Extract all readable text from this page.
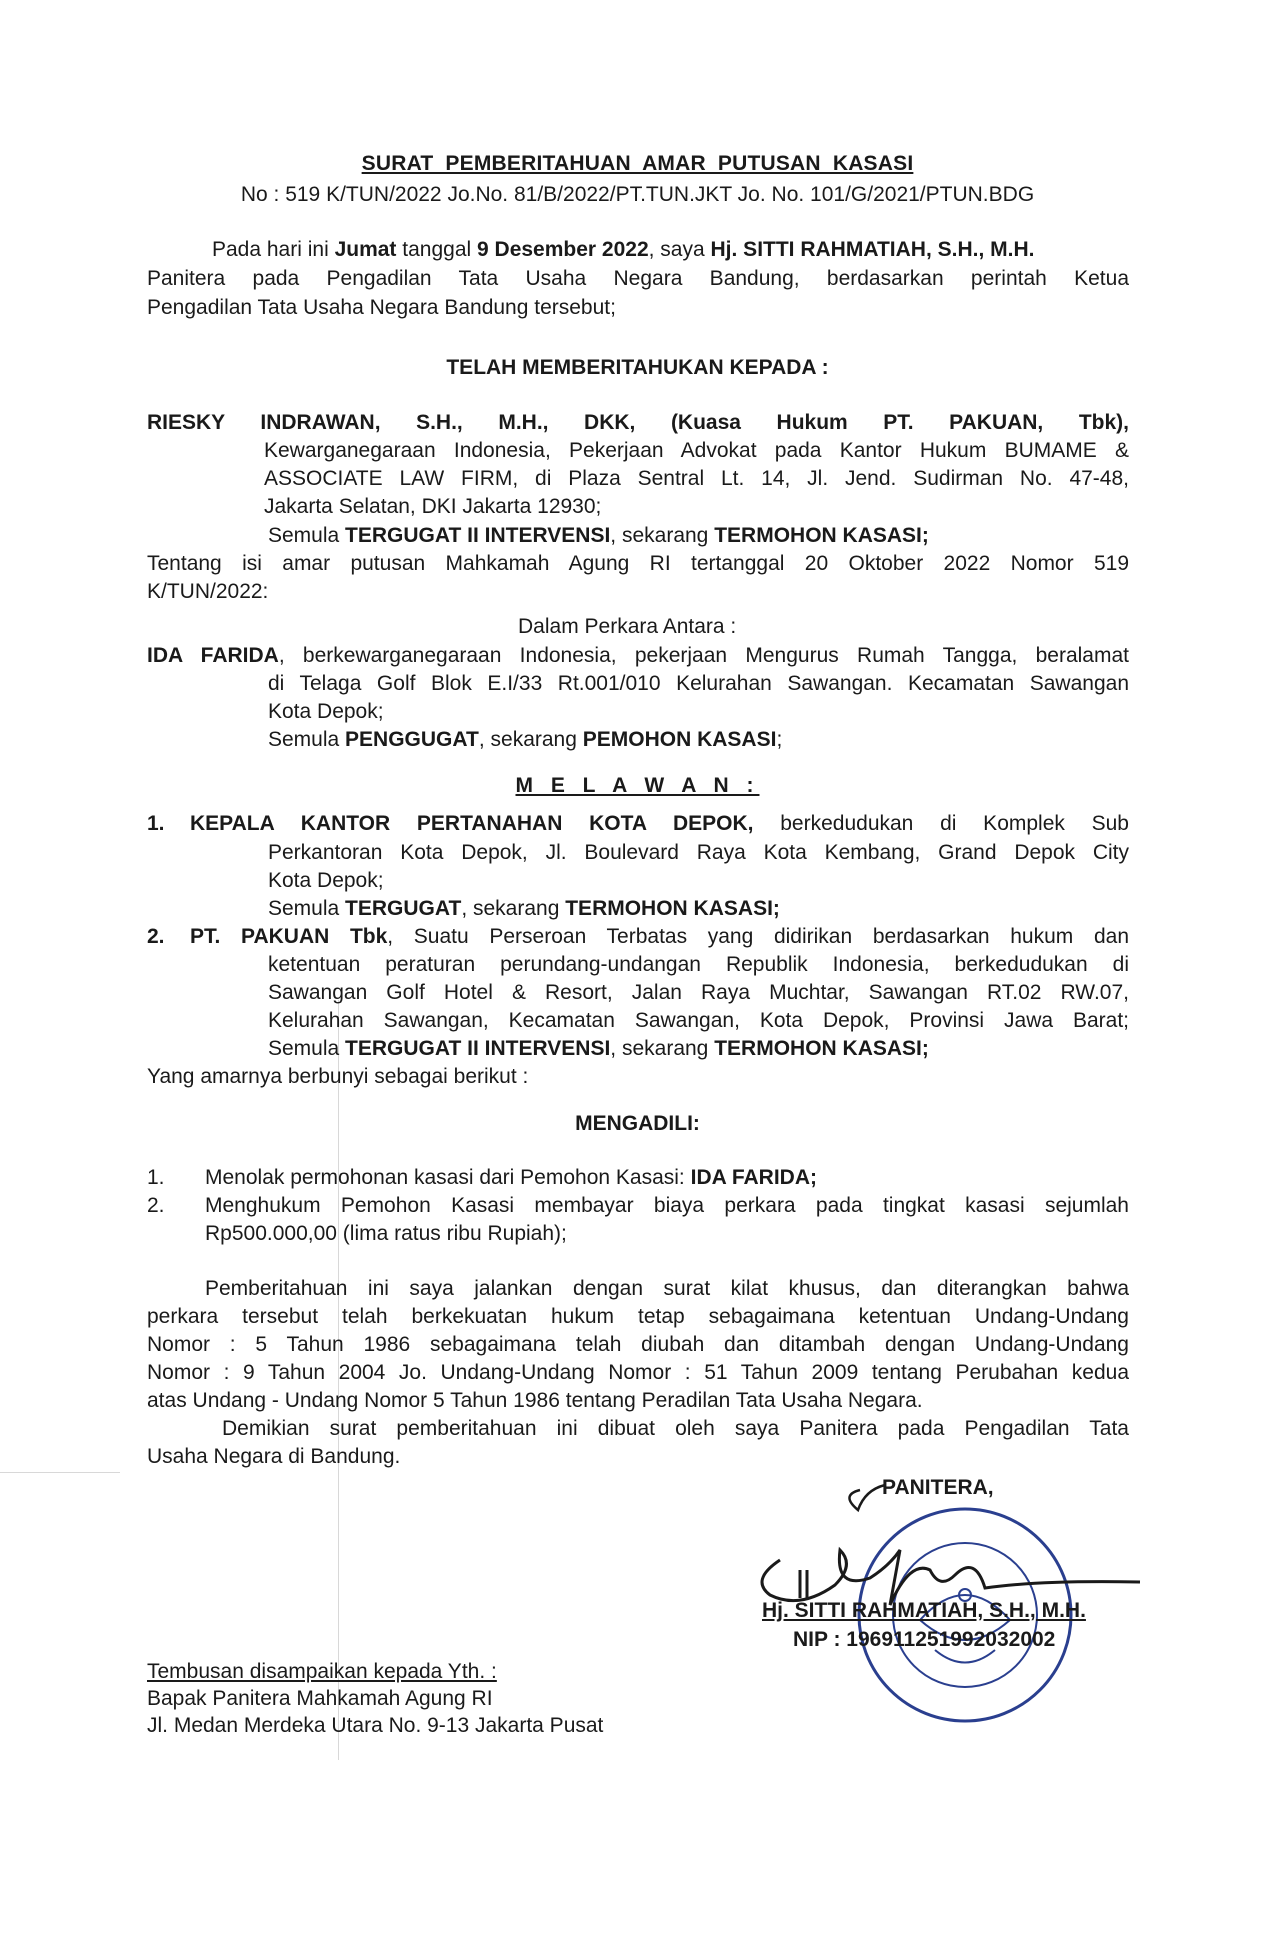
SURAT PEMBERITAHUAN AMAR PUTUSAN KASASI
No : 519 K/TUN/2022 Jo.No. 81/B/2022/PT.TUN.JKT Jo. No. 101/G/2021/PTUN.BDG
Pada hari ini Jumat tanggal 9 Desember 2022, saya Hj. SITTI RAHMATIAH, S.H., M.H.
Panitera pada Pengadilan Tata Usaha Negara Bandung, berdasarkan perintah Ketua
Pengadilan Tata Usaha Negara Bandung tersebut;
TELAH MEMBERITAHUKAN KEPADA :
RIESKY INDRAWAN, S.H., M.H., DKK, (Kuasa Hukum PT. PAKUAN, Tbk),
Kewarganegaraan Indonesia, Pekerjaan Advokat pada Kantor Hukum BUMAME &
ASSOCIATE LAW FIRM, di Plaza Sentral Lt. 14, Jl. Jend. Sudirman No. 47-48,
Jakarta Selatan, DKI Jakarta 12930;
Semula TERGUGAT II INTERVENSI, sekarang TERMOHON KASASI;
Tentang isi amar putusan Mahkamah Agung RI tertanggal 20 Oktober 2022 Nomor 519
K/TUN/2022:
Dalam Perkara Antara :
IDA FARIDA, berkewarganegaraan Indonesia, pekerjaan Mengurus Rumah Tangga, beralamat
di Telaga Golf Blok E.I/33 Rt.001/010 Kelurahan Sawangan. Kecamatan Sawangan
Kota Depok;
Semula PENGGUGAT, sekarang PEMOHON KASASI;
M E L A W A N :
1. KEPALA KANTOR PERTANAHAN KOTA DEPOK, berkedudukan di Komplek Sub
Perkantoran Kota Depok, Jl. Boulevard Raya Kota Kembang, Grand Depok City
Kota Depok;
Semula TERGUGAT, sekarang TERMOHON KASASI;
2. PT. PAKUAN Tbk, Suatu Perseroan Terbatas yang didirikan berdasarkan hukum dan
ketentuan peraturan perundang-undangan Republik Indonesia, berkedudukan di
Sawangan Golf Hotel & Resort, Jalan Raya Muchtar, Sawangan RT.02 RW.07,
Kelurahan Sawangan, Kecamatan Sawangan, Kota Depok, Provinsi Jawa Barat;
Semula TERGUGAT II INTERVENSI, sekarang TERMOHON KASASI;
Yang amarnya berbunyi sebagai berikut :
MENGADILI:
1. Menolak permohonan kasasi dari Pemohon Kasasi: IDA FARIDA;
2. Menghukum Pemohon Kasasi membayar biaya perkara pada tingkat kasasi sejumlah
Rp500.000,00 (lima ratus ribu Rupiah);
Pemberitahuan ini saya jalankan dengan surat kilat khusus, dan diterangkan bahwa
perkara tersebut telah berkekuatan hukum tetap sebagaimana ketentuan Undang-Undang
Nomor : 5 Tahun 1986 sebagaimana telah diubah dan ditambah dengan Undang-Undang
Nomor : 9 Tahun 2004 Jo. Undang-Undang Nomor : 51 Tahun 2009 tentang Perubahan kedua
atas Undang - Undang Nomor 5 Tahun 1986 tentang Peradilan Tata Usaha Negara.
Demikian surat pemberitahuan ini dibuat oleh saya Panitera pada Pengadilan Tata
Usaha Negara di Bandung.
PANITERA,
Hj. SITTI RAHMATIAH, S.H., M.H.
NIP : 196911251992032002
Tembusan disampaikan kepada Yth. :
Bapak Panitera Mahkamah Agung RI
Jl. Medan Merdeka Utara No. 9-13 Jakarta Pusat
